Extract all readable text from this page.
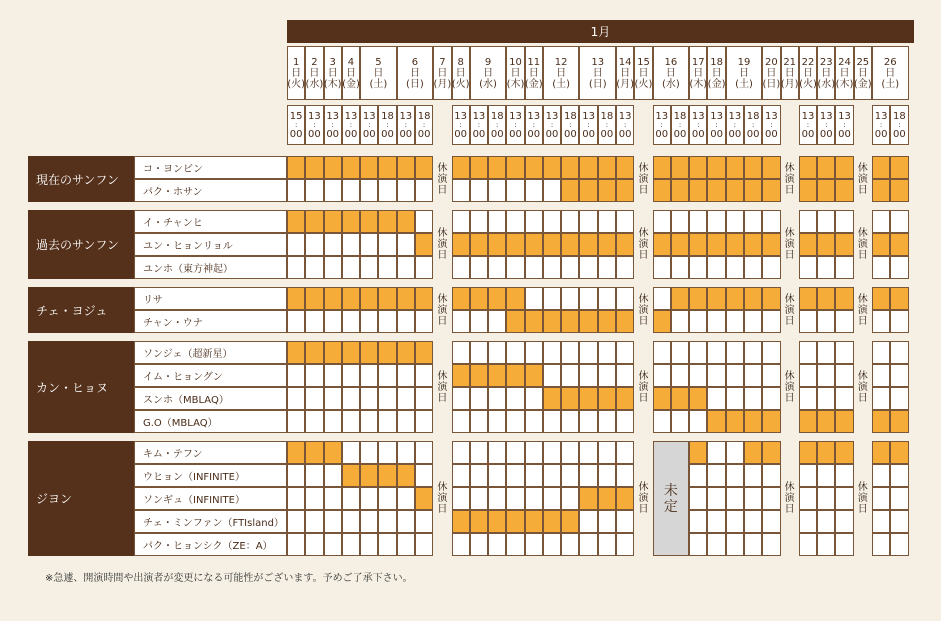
1月
※急遽、開演時間や出演者が変更になる可能性がございます。予めご了承下さい。
1
日
(火)
15
:
00
2
日
(水)
13
:
00
3
日
(木)
13
:
00
4
日
(金)
13
:
00
5
日
(土)
13
:
00
18
:
00
6
日
(日)
13
:
00
18
:
00
7
日
(月)
8
日
(火)
13
:
00
9
日
(水)
13
:
00
18
:
00
10
日
(木)
13
:
00
11
日
(金)
13
:
00
12
日
(土)
13
:
00
18
:
00
13
日
(日)
13
:
00
18
:
00
14
日
(月)
13
:
00
15
日
(火)
16
日
(水)
13
:
00
18
:
00
17
日
(木)
13
:
00
18
日
(金)
13
:
00
19
日
(土)
13
:
00
18
:
00
20
日
(日)
13
:
00
21
日
(月)
22
日
(火)
13
:
00
23
日
(水)
13
:
00
24
日
(木)
13
:
00
25
日
(金)
26
日
(土)
13
:
00
18
:
00
現在のサンフン
コ・ヨンビン
パク・ホサン
休
演
日
休
演
日
休
演
日
休
演
日
過去のサンフン
イ・チャンヒ
ユン・ヒョンリョル
ユンホ（東方神起）
休
演
日
休
演
日
休
演
日
休
演
日
チェ・ヨジュ
リサ
チャン・ウナ
休
演
日
休
演
日
休
演
日
休
演
日
カン・ヒョヌ
ソンジェ（超新星）
イム・ヒョングン
スンホ（MBLAQ）
G.O（MBLAQ）
休
演
日
休
演
日
休
演
日
休
演
日
ジヨン
キム・テフン
ウヒョン（INFINITE）
ソンギュ（INFINITE）
チェ・ミンファン（FTIsland）
パク・ヒョンシク（ZE：A）
休
演
日
休
演
日
休
演
日
休
演
日
未
定
